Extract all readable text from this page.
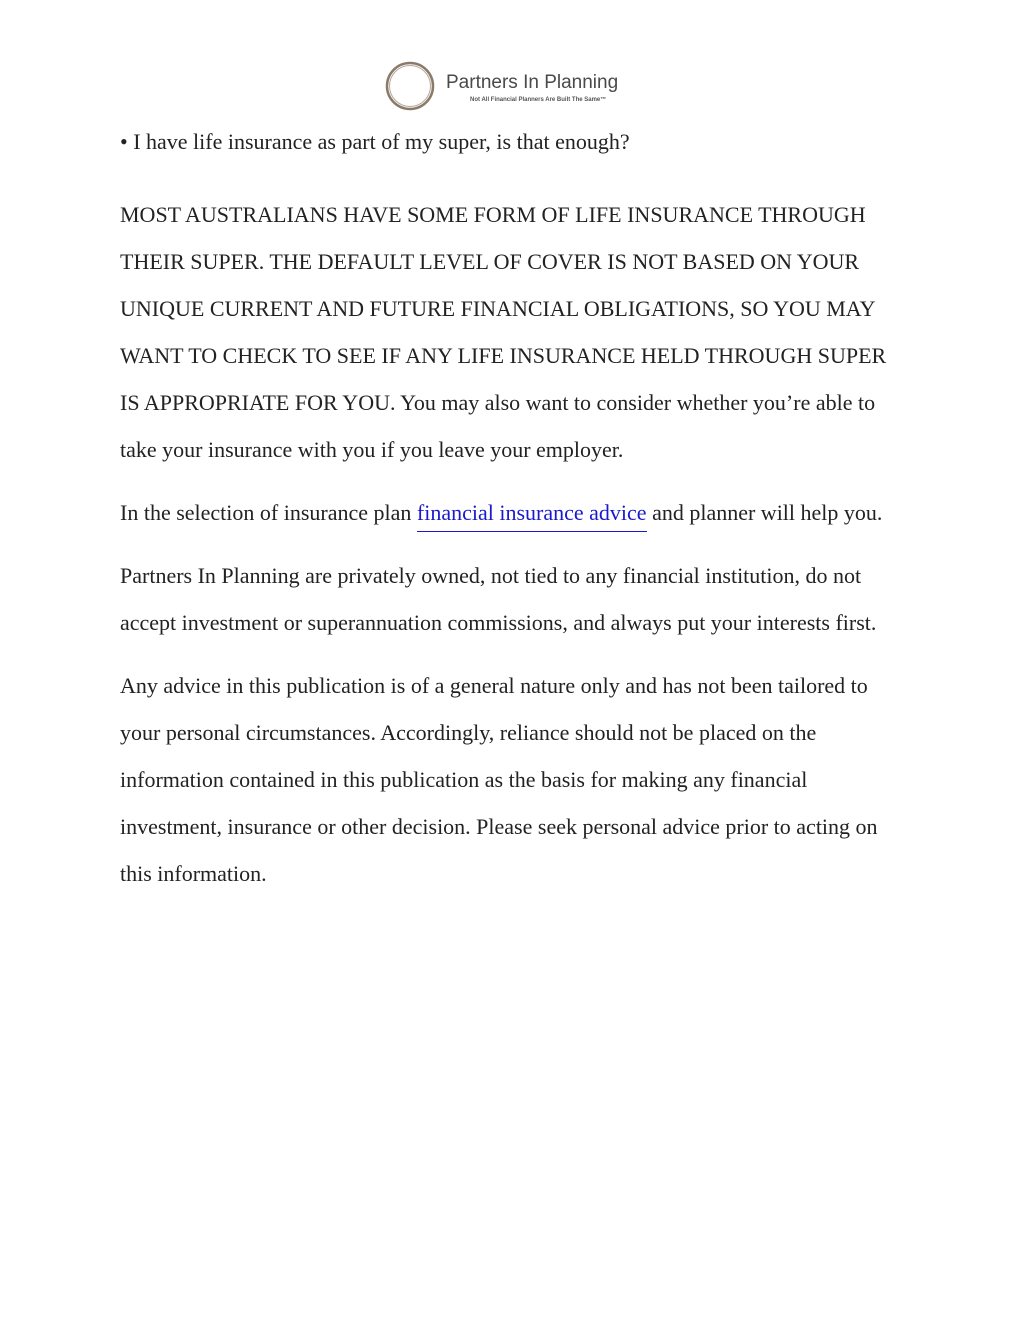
Partners In Planning
Not All Financial Planners Are Built The Same™

• I have life insurance as part of my super, is that enough?

MOST AUSTRALIANS HAVE SOME FORM OF LIFE INSURANCE THROUGH THEIR SUPER. THE DEFAULT LEVEL OF COVER IS NOT BASED ON YOUR UNIQUE CURRENT AND FUTURE FINANCIAL OBLIGATIONS, SO YOU MAY WANT TO CHECK TO SEE IF ANY LIFE INSURANCE HELD THROUGH SUPER IS APPROPRIATE FOR YOU. You may also want to consider whether you’re able to take your insurance with you if you leave your employer.

In the selection of insurance plan financial insurance advice and planner will help you.

Partners In Planning are privately owned, not tied to any financial institution, do not accept investment or superannuation commissions, and always put your interests first.

Any advice in this publication is of a general nature only and has not been tailored to your personal circumstances. Accordingly, reliance should not be placed on the information contained in this publication as the basis for making any financial investment, insurance or other decision. Please seek personal advice prior to acting on this information.
